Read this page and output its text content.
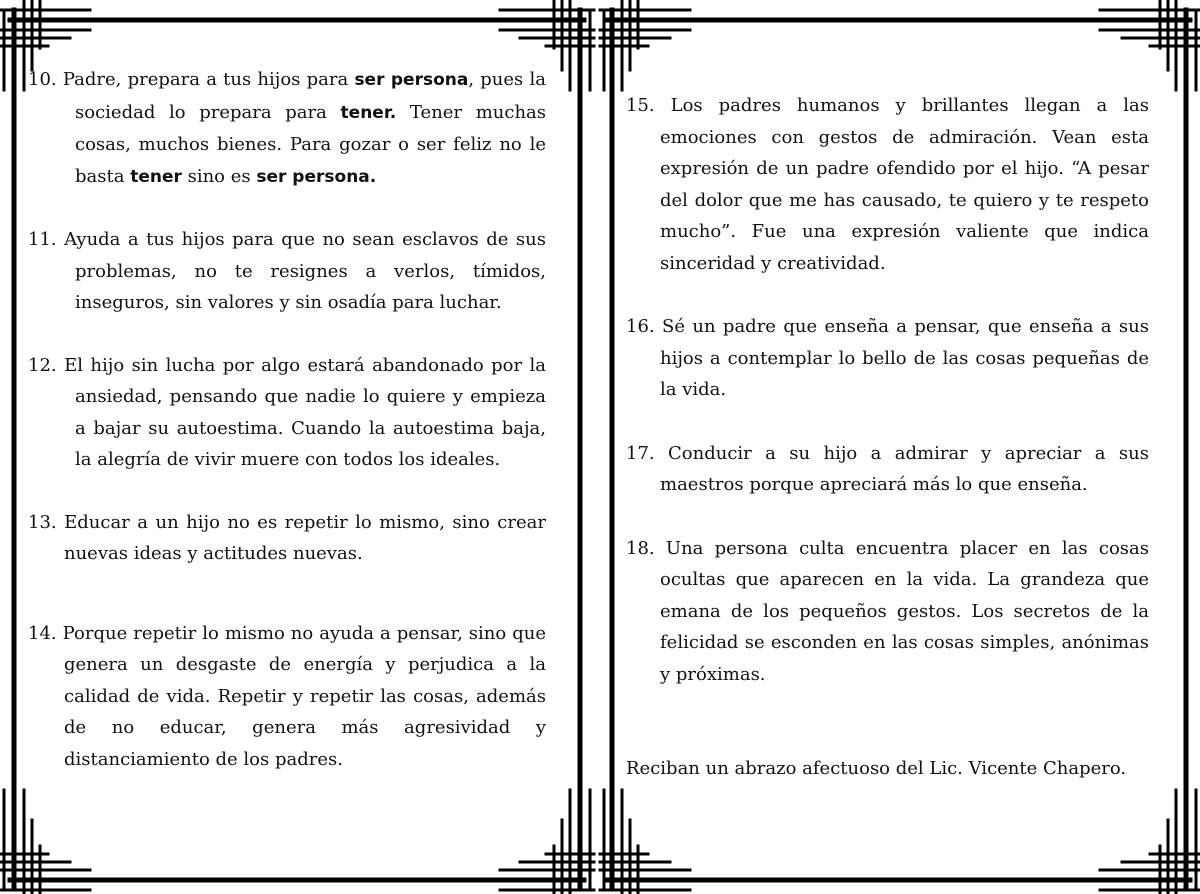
10. Padre, prepara a tus hijos para ser persona, pues la sociedad lo prepara para tener. Tener muchas cosas, muchos bienes. Para gozar o ser feliz no le basta tener sino es ser persona.

11. Ayuda a tus hijos para que no sean esclavos de sus problemas, no te resignes a verlos, tímidos, inseguros, sin valores y sin osadía para luchar.

12. El hijo sin lucha por algo estará abandonado por la ansiedad, pensando que nadie lo quiere y empieza a bajar su autoestima. Cuando la autoestima baja, la alegría de vivir muere con todos los ideales.

13. Educar a un hijo no es repetir lo mismo, sino crear nuevas ideas y actitudes nuevas.

14. Porque repetir lo mismo no ayuda a pensar, sino que genera un desgaste de energía y perjudica a la calidad de vida. Repetir y repetir las cosas, además de no educar, genera más agresividad y distanciamiento de los padres.

15. Los padres humanos y brillantes llegan a las emociones con gestos de admiración. Vean esta expresión de un padre ofendido por el hijo. “A pesar del dolor que me has causado, te quiero y te respeto mucho”. Fue una expresión valiente que indica sinceridad y creatividad.

16. Sé un padre que enseña a pensar, que enseña a sus hijos a contemplar lo bello de las cosas pequeñas de la vida.

17. Conducir a su hijo a admirar y apreciar a sus maestros porque apreciará más lo que enseña.

18. Una persona culta encuentra placer en las cosas ocultas que aparecen en la vida. La grandeza que emana de los pequeños gestos. Los secretos de la felicidad se esconden en las cosas simples, anónimas y próximas.

Reciban un abrazo afectuoso del Lic. Vicente Chapero.
